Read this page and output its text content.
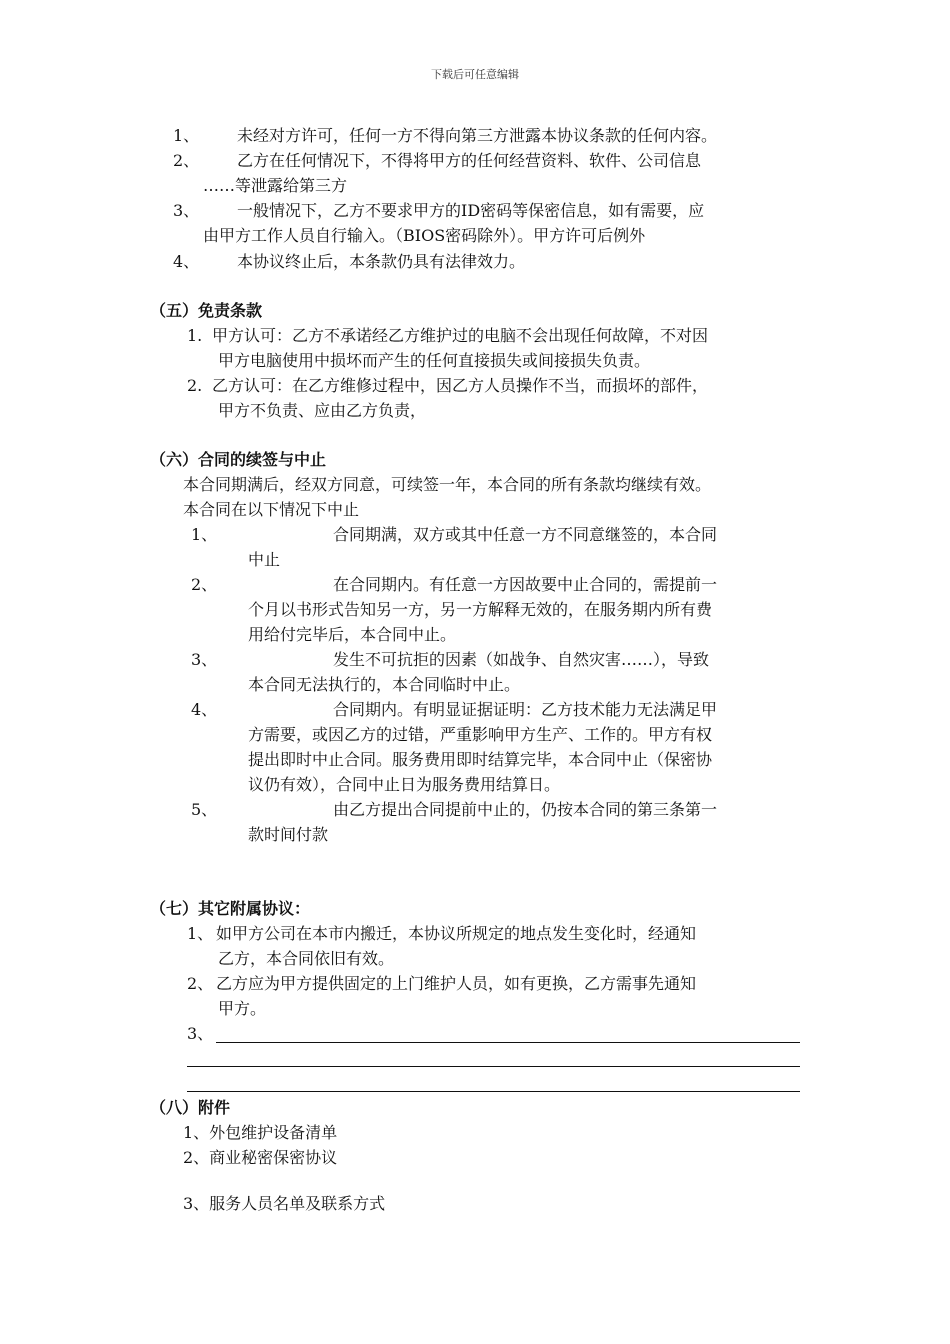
下载后可任意编辑
1、 未经对方许可，任何一方不得向第三方泄露本协议条款的任何内容。
2、 乙方在任何情况下，不得将甲方的任何经营资料、软件、公司信息
……等泄露给第三方
3、 一般情况下，乙方不要求甲方的ID密码等保密信息，如有需要，应
由甲方工作人员自行输入。（BIOS密码除外）。甲方许可后例外
4、 本协议终止后，本条款仍具有法律效力。
（五）免责条款
1. 甲方认可：乙方不承诺经乙方维护过的电脑不会出现任何故障，不对因
甲方电脑使用中损坏而产生的任何直接损失或间接损失负责。
2. 乙方认可：在乙方维修过程中，因乙方人员操作不当，而损坏的部件，
甲方不负责、应由乙方负责，
（六）合同的续签与中止
本合同期满后，经双方同意，可续签一年，本合同的所有条款均继续有效。
本合同在以下情况下中止
1、	合同期满，双方或其中任意一方不同意继签的，本合同
中止
2、	在合同期内。有任意一方因故要中止合同的，需提前一
个月以书形式告知另一方，另一方解释无效的，在服务期内所有费
用给付完毕后，本合同中止。
3、	发生不可抗拒的因素（如战争、自然灾害……），导致
本合同无法执行的，本合同临时中止。
4、	合同期内。有明显证据证明：乙方技术能力无法满足甲
方需要，或因乙方的过错，严重影响甲方生产、工作的。甲方有权
提出即时中止合同。服务费用即时结算完毕，本合同中止（保密协
议仍有效），合同中止日为服务费用结算日。
5、	由乙方提出合同提前中止的，仍按本合同的第三条第一
款时间付款
（七）其它附属协议：
1、 如甲方公司在本市内搬迁，本协议所规定的地点发生变化时，经通知
乙方，本合同依旧有效。
2、 乙方应为甲方提供固定的上门维护人员，如有更换，乙方需事先通知
甲方。
3、
（八）附件
1、外包维护设备清单
2、商业秘密保密协议
3、服务人员名单及联系方式
